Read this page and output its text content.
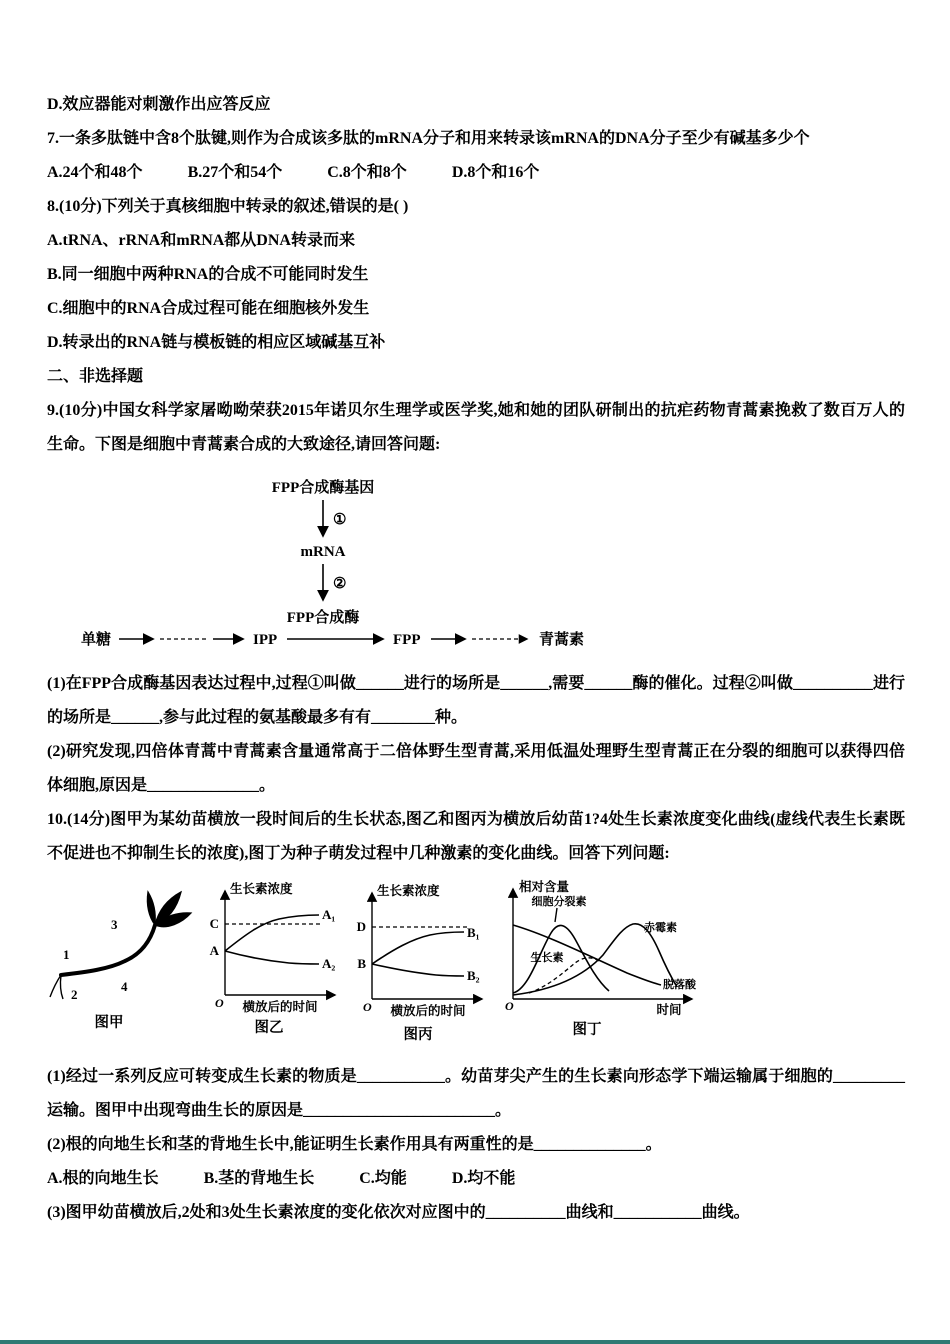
D.效应器能对刺激作出应答反应

7.一条多肽链中含8个肽键,则作为合成该多肽的mRNA分子和用来转录该mRNA的DNA分子至少有碱基多少个

A.24个和48个	B.27个和54个	C.8个和8个	D.8个和16个

8.(10分)下列关于真核细胞中转录的叙述,错误的是( )

A.tRNA、rRNA和mRNA都从DNA转录而来

B.同一细胞中两种RNA的合成不可能同时发生

C.细胞中的RNA合成过程可能在细胞核外发生

D.转录出的RNA链与模板链的相应区域碱基互补

二、非选择题

9.(10分)中国女科学家屠呦呦荣获2015年诺贝尔生理学或医学奖,她和她的团队研制出的抗疟药物青蒿素挽救了数百万人的生命。下图是细胞中青蒿素合成的大致途径,请回答问题:

FPP合成酶基因
①
mRNA
②
FPP合成酶
单糖	IPP	FPP	青蒿素

(1)在FPP合成酶基因表达过程中,过程①叫做______进行的场所是______,需要______酶的催化。过程②叫做__________进行的场所是______,参与此过程的氨基酸最多有有________种。

(2)研究发现,四倍体青蒿中青蒿素含量通常高于二倍体野生型青蒿,采用低温处理野生型青蒿正在分裂的细胞可以获得四倍体细胞,原因是______________。

10.(14分)图甲为某幼苗横放一段时间后的生长状态,图乙和图丙为横放后幼苗1?4处生长素浓度变化曲线(虚线代表生长素既不促进也不抑制生长的浓度),图丁为种子萌发过程中几种激素的变化曲线。回答下列问题:

1
2
3
4
图甲
生长素浓度
C
A
A₁
A₂
O 横放后的时间
图乙
生长素浓度
D
B
B₁
B₂
O 横放后的时间
图丙
相对含量
脱落酸
细胞分裂素
赤霉素
生长素
O	时间
图丁

(1)经过一系列反应可转变成生长素的物质是___________。幼苗芽尖产生的生长素向形态学下端运输属于细胞的_________运输。图甲中出现弯曲生长的原因是________________________。

(2)根的向地生长和茎的背地生长中,能证明生长素作用具有两重性的是______________。

A.根的向地生长	B.茎的背地生长	C.均能	D.均不能

(3)图甲幼苗横放后,2处和3处生长素浓度的变化依次对应图中的__________曲线和___________曲线。
